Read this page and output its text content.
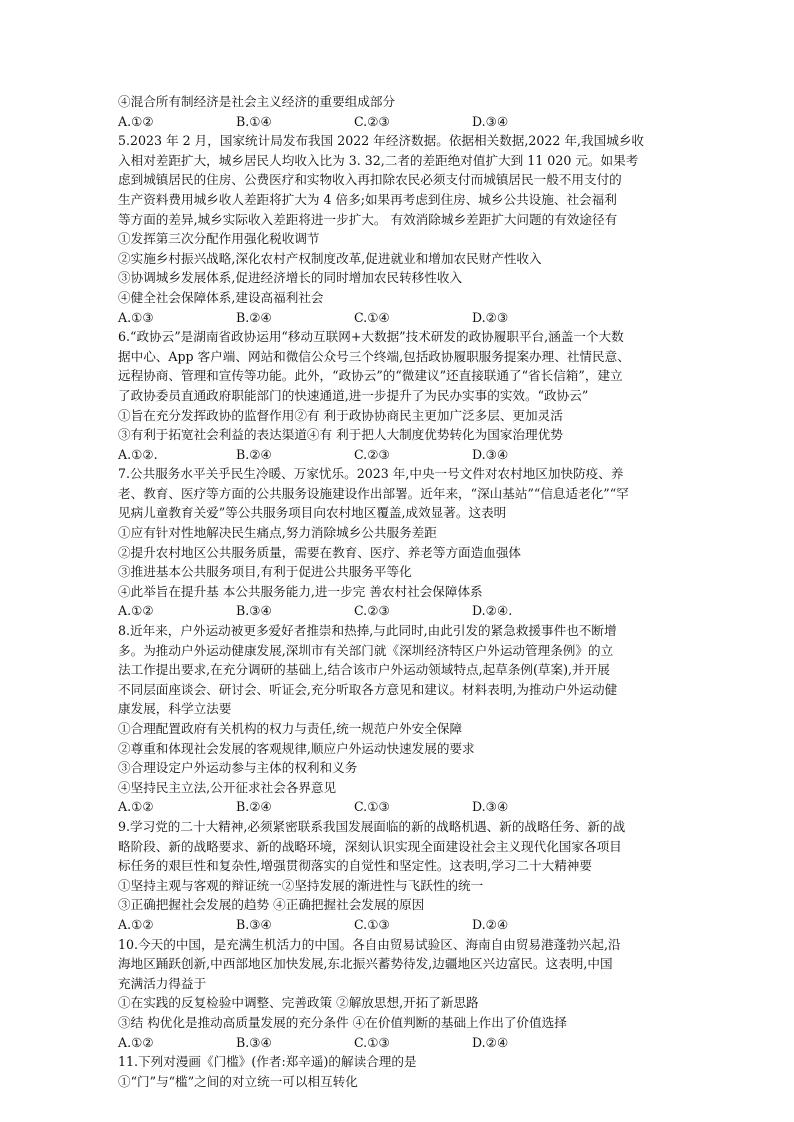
④混合所有制经济是社会主义经济的重要组成部分
A.①②	B.①④	C.②③	D.③④
5.2023 年 2 月，国家统计局发布我国 2022 年经济数据。依据相关数据,2022 年,我国城乡收
入相对差距扩大，城乡居民人均收入比为 3. 32,二者的差距绝对值扩大到 11 020 元。如果考
虑到城镇居民的住房、公费医疗和实物收入再扣除农民必须支付而城镇居民一般不用支付的
生产资料费用城乡收人差距将扩大为 4 倍多;如果再考虑到住房、城乡公共设施、社会福利
等方面的差异,城乡实际收入差距将进一步扩大。 有效消除城乡差距扩大问题的有效途径有
①发挥第三次分配作用强化税收调节
②实施乡村振兴战略,深化农村产权制度改革,促进就业和增加农民财产性收入
③协调城乡发展体系,促进经济增长的同时增加农民转移性收入
④健全社会保障体系,建设高福利社会
A.①③	B.②④	C.①④	D.②③
6.“政协云”是湖南省政协运用“移动互联网+大数据”技术研发的政协履职平台,涵盖一个大数
据中心、App 客户端、网站和微信公众号三个终端,包括政协履职服务提案办理、社情民意、
远程协商、管理和宣传等功能。此外，“政协云”的“微建议”还直接联通了“省长信箱”，建立
了政协委员直通政府职能部门的快速通道,进一步提升了为民办实事的实效。“政协云”
①旨在充分发挥政协的监督作用②有 利于政协协商民主更加广泛多层、更加灵活
③有利于拓宽社会利益的表达渠道④有 利于把人大制度优势转化为国家治理优势
A.①②.	B.②④	C.②③	D.③④
7.公共服务水平关乎民生冷暖、万家忧乐。2023 年,中央一号文件对农村地区加快防疫、养
老、教育、医疗等方面的公共服务设施建设作出部署。近年来，“深山基站”“信息适老化”“罕
见病儿童教育关爱”等公共服务项目向农村地区覆盖,成效显著。这表明
①应有针对性地解决民生痛点,努力消除城乡公共服务差距
②提升农村地区公共服务质量，需要在教育、医疗、养老等方面造血强体
③推进基本公共服务项目,有利于促进公共服务平等化
④此举旨在提升基 本公共服务能力,进一步完 善农村社会保障体系
A.①②	B.③④	C.②③	D.②④.
8.近年来，户外运动被更多爱好者推崇和热捧,与此同时,由此引发的紧急救援事件也不断增
多。为推动户外运动健康发展,深圳市有关部门就《深圳经济特区户外运动管理条例》的立
法工作提出要求,在充分调研的基础上,结合该市户外运动领域特点,起草条例(草案),并开展
不同层面座谈会、研讨会、听证会,充分听取各方意见和建议。材料表明,为推动户外运动健
康发展，科学立法要
①合理配置政府有关机构的权力与责任,统一规范户外安全保障
②尊重和体现社会发展的客观规律,顺应户外运动快速发展的要求
③合理设定户外运动参与主体的权利和义务
④坚持民主立法,公开征求社会各界意见
A.①②	B.②④	C.①③	D.③④
9.学习党的二十大精神,必须紧密联系我国发展面临的新的战略机遇、新的战略任务、新的战
略阶段、新的战略要求、新的战略环境，深刻认识实现全面建设社会主义现代化国家各项目
标任务的艰巨性和复杂性,增强贯彻落实的自觉性和坚定性。这表明,学习二十大精神要
①坚持主观与客观的辩证统一②坚持发展的渐进性与飞跃性的统一
③正确把握社会发展的趋势 ④正确把握社会发展的原因
A.①②	B.③④	C.①③	D.②④
10.今天的中国，是充满生机活力的中国。各自由贸易试验区、海南自由贸易港蓬勃兴起,沿
海地区踊跃创新,中西部地区加快发展,东北振兴蓄势待发,边疆地区兴边富民。这表明,中国
充满活力得益于
①在实践的反复检验中调整、完善政策 ②解放思想,开拓了新思路
③结 构优化是推动高质量发展的充分条件 ④在价值判断的基础上作出了价值选择
A.①②	B.③④	C.①③	D.②④
11.下列对漫画《门槛》(作者:郑辛遥)的解读合理的是
①“门”与“槛”之间的对立统一可以相互转化
